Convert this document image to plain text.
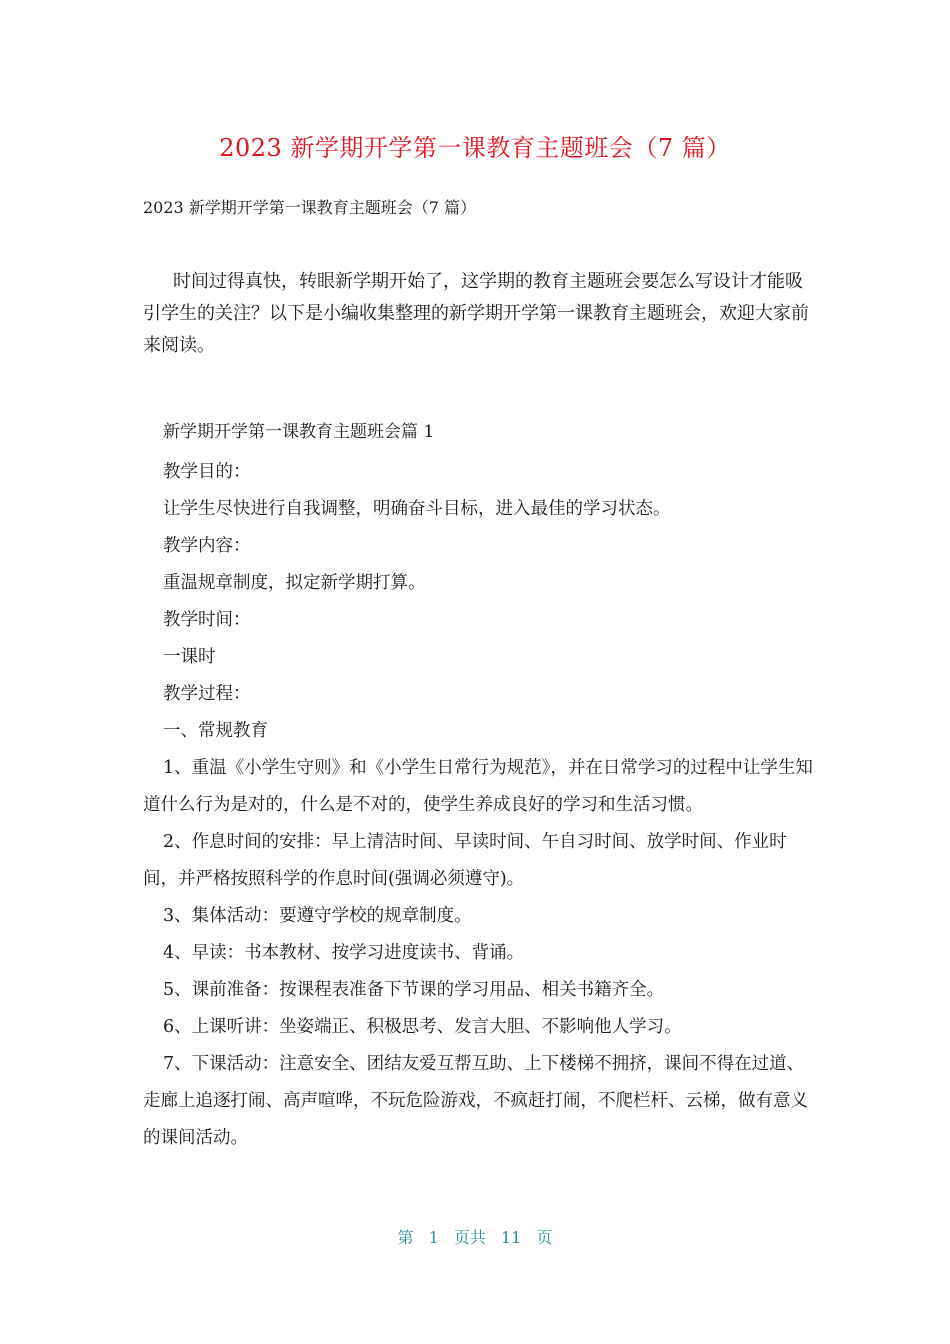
2023 新学期开学第一课教育主题班会（7 篇）
2023 新学期开学第一课教育主题班会（7 篇）

时间过得真快，转眼新学期开始了，这学期的教育主题班会要怎么写设计才能吸引学生的关注？以下是小编收集整理的新学期开学第一课教育主题班会，欢迎大家前来阅读。

新学期开学第一课教育主题班会篇 1
教学目的：
让学生尽快进行自我调整，明确奋斗目标，进入最佳的学习状态。
教学内容：
重温规章制度，拟定新学期打算。
教学时间：
一课时
教学过程：
一、常规教育
1、重温《小学生守则》和《小学生日常行为规范》，并在日常学习的过程中让学生知道什么行为是对的，什么是不对的，使学生养成良好的学习和生活习惯。
2、作息时间的安排：早上清洁时间、早读时间、午自习时间、放学时间、作业时间，并严格按照科学的作息时间(强调必须遵守)。
3、集体活动：要遵守学校的规章制度。
4、早读：书本教材、按学习进度读书、背诵。
5、课前准备：按课程表准备下节课的学习用品、相关书籍齐全。
6、上课听讲：坐姿端正、积极思考、发言大胆、不影响他人学习。
7、下课活动：注意安全、团结友爱互帮互助、上下楼梯不拥挤，课间不得在过道、走廊上追逐打闹、高声喧哗，不玩危险游戏，不疯赶打闹，不爬栏杆、云梯，做有意义的课间活动。
第 1 页共 11 页
